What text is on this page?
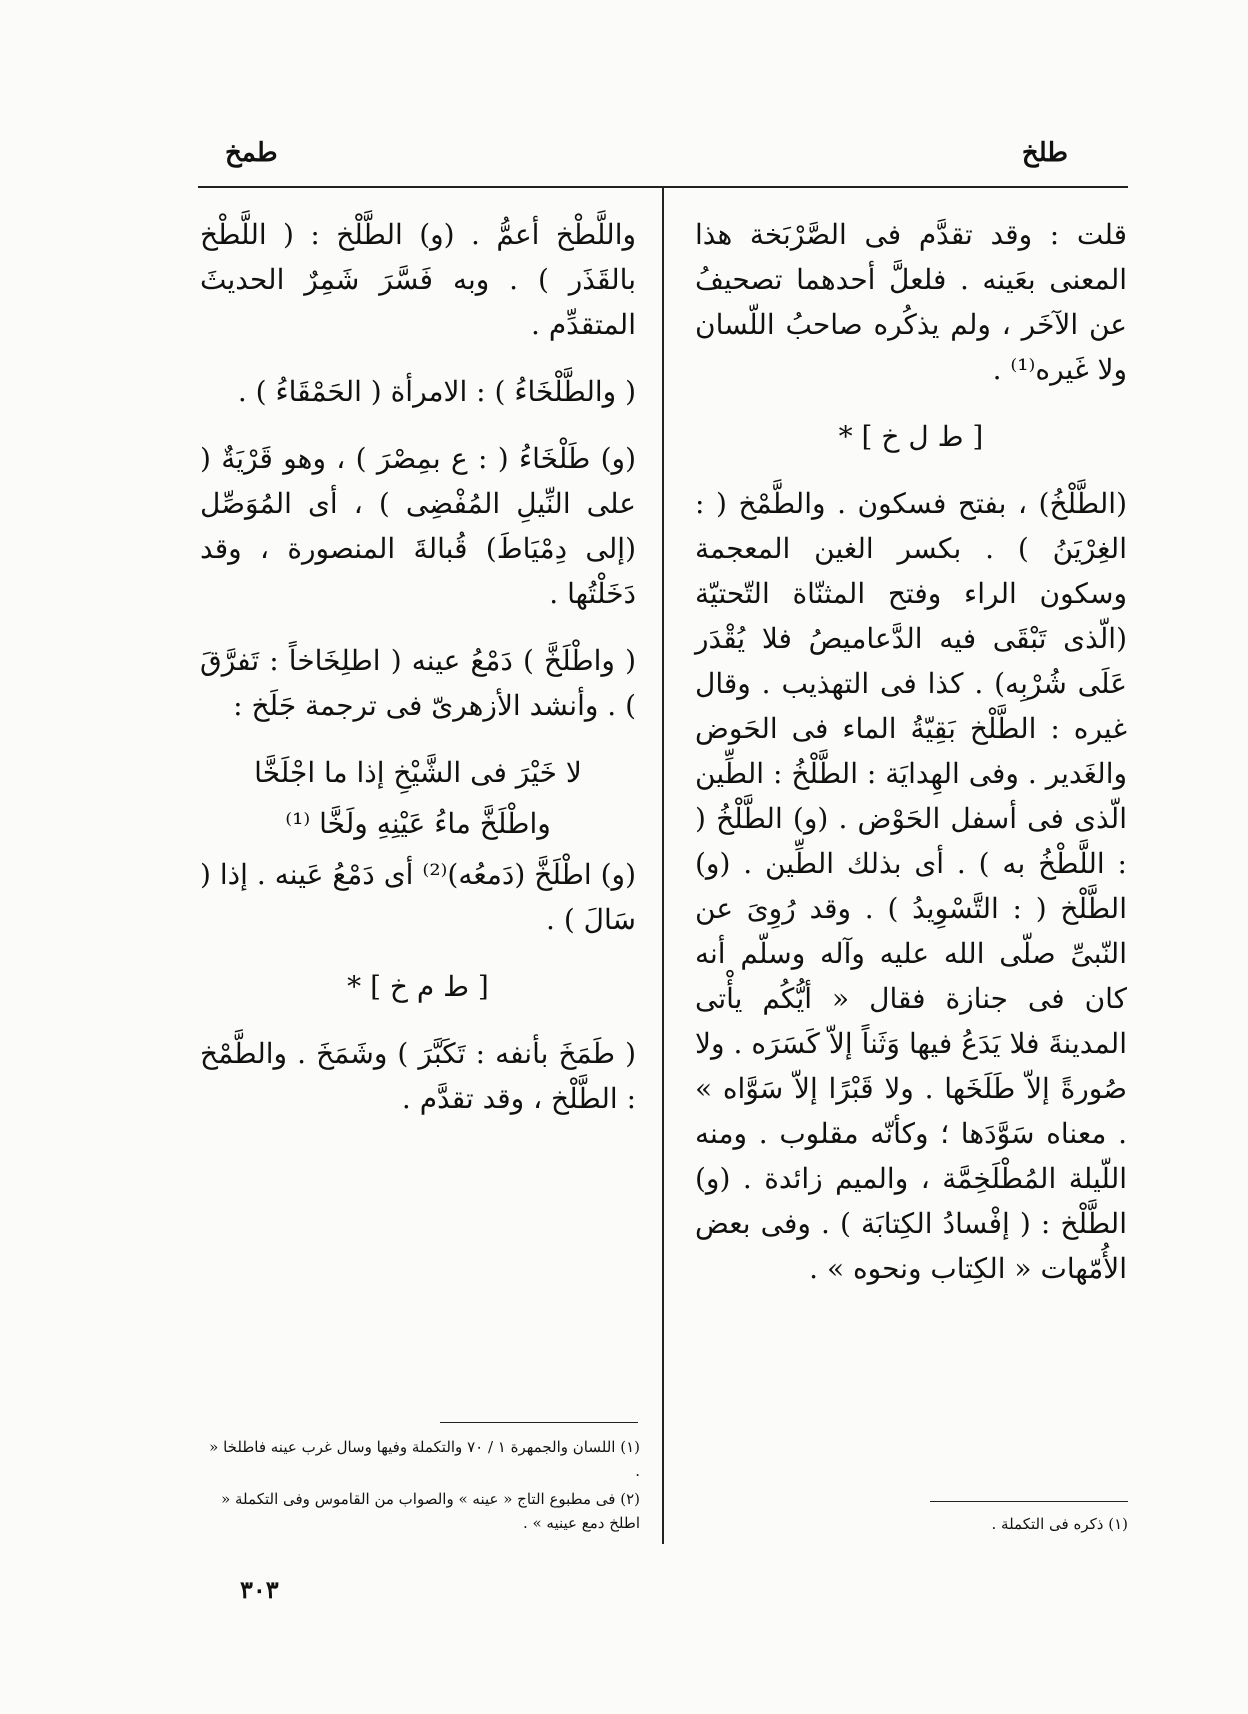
طلخ
طمخ

قلت : وقد تقدَّم فى الصَّرْبَخة هذا المعنى بعَينه . فلعلَّ أحدهما تصحيفُ عن الآخَر ، ولم يذكُره صاحبُ اللّسان ولا غَيره⁽¹⁾ .

[ ط ل خ ] *

(الطَّلْخُ) ، بفتح فسكون . والطَّمْخ ( : الغِرْيَنُ ) . بكسر الغين المعجمة وسكون الراء وفتح المثنّاة التّحتيّة (الّذى تَبْقَى فيه الدَّعاميصُ فلا يُقْدَر عَلَى شُرْبِه) . كذا فى التهذيب . وقال غيره : الطَّلْخ بَقِيّةُ الماء فى الحَوض والغَدير . وفى الهِدايَة : الطَّلْخُ : الطِّين الّذى فى أسفل الحَوْض . (و) الطَّلْخُ ( : اللَّطْخُ به ) . أى بذلك الطِّين . (و) الطَّلْخ ( : التَّسْوِيدُ ) . وقد رُوِىَ عن النّبىِّ صلّى الله عليه وآله وسلّم أنه كان فى جنازة فقال « أيُّكُم يأْتى المدينةَ فلا يَدَعُ فيها وَثَناً إلاّ كَسَرَه . ولا صُورةً إلاّ طَلَخَها . ولا قَبْرًا إلاّ سَوَّاه » . معناه سَوَّدَها ؛ وكأنّه مقلوب . ومنه اللّيلة المُطْلَخِمَّة ، والميم زائدة . (و) الطَّلْخ : ( إفْسادُ الكِتابَة ) . وفى بعض الأُمّهات « الكِتاب ونحوه » .

واللَّطْخ أعمُّ . (و) الطَّلْخ : ( اللَّطْخ بالقَذَر ) . وبه فَسَّرَ شَمِرٌ الحديثَ المتقدِّم .

( والطَّلْخَاءُ ) : الامرأة ( الحَمْقَاءُ ) .

(و) طَلْخَاءُ ( : ع بمِصْرَ ) ، وهو قَرْيَةٌ ( على النِّيلِ المُفْضِى ) ، أى المُوَصِّل (إلى دِمْيَاطَ) قُبالةَ المنصورة ، وقد دَخَلْتُها .

( واطْلَخَّ ) دَمْعُ عينه ( اطلِخَاخاً : تَفرَّقَ ) . وأنشد الأزهرىّ فى ترجمة جَلَخ :

لا خَيْرَ فى الشَّيْخِ إذا ما اجْلَخَّا

واطْلَخَّ ماءُ عَيْنِهِ ولَخَّا ⁽¹⁾

(و) اطْلَخَّ (دَمعُه)⁽²⁾ أى دَمْعُ عَينه . إذا ( سَالَ ) .

[ ط م خ ] *

( طَمَخَ بأنفه : تَكَبَّرَ ) وشَمَخَ . والطَّمْخ : الطَّلْخ ، وقد تقدَّم .

(١) ذكره فى التكملة .

(١) اللسان والجمهرة ١ / ٧٠ والتكملة وفيها وسال غرب عينه فاطلخا « .

(٢) فى مطبوع التاج « عينه » والصواب من القاموس وفى التكملة « اطلخ دمع عينيه » .

٣٠٣
